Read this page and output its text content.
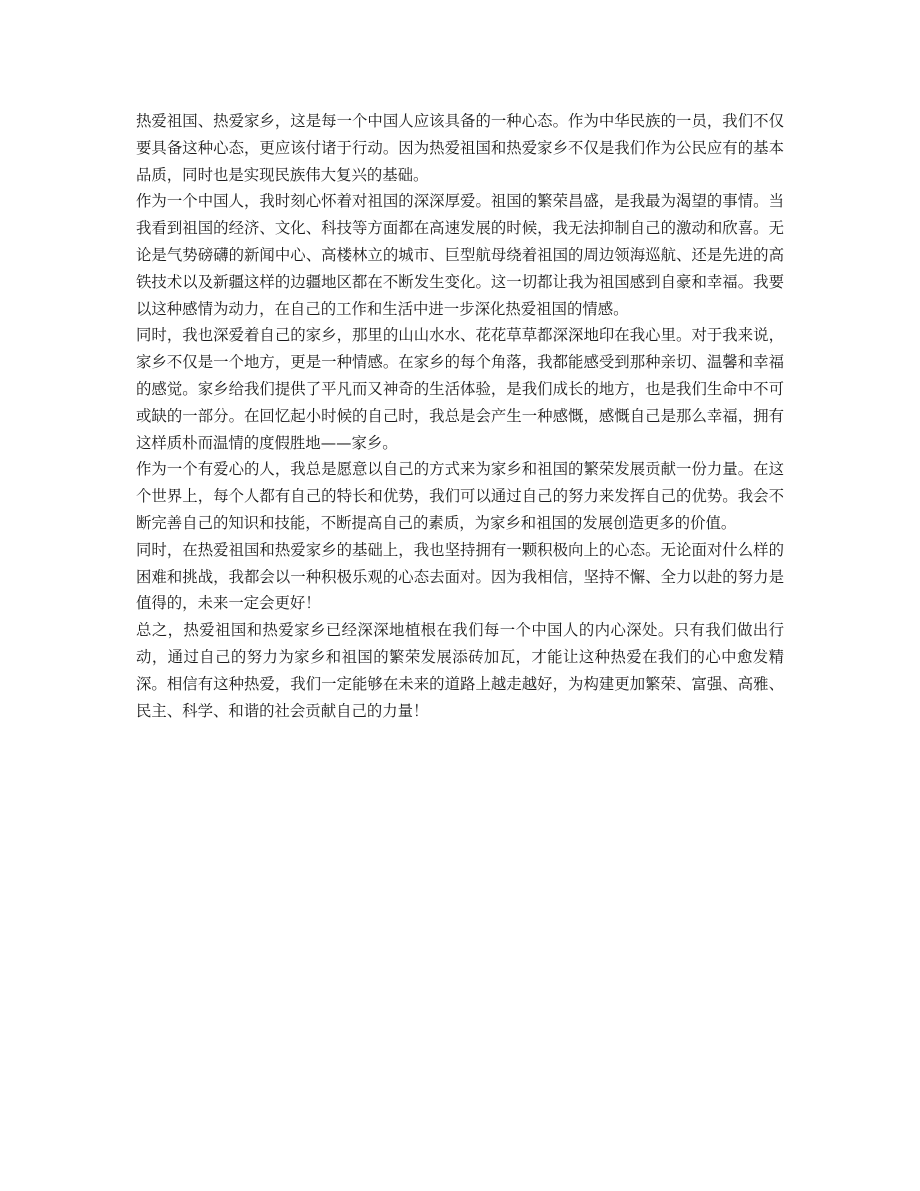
热爱祖国、热爱家乡，这是每一个中国人应该具备的一种心态。作为中华民族的一员，我们不仅要具备这种心态，更应该付诸于行动。因为热爱祖国和热爱家乡不仅是我们作为公民应有的基本品质，同时也是实现民族伟大复兴的基础。

作为一个中国人，我时刻心怀着对祖国的深深厚爱。祖国的繁荣昌盛，是我最为渴望的事情。当我看到祖国的经济、文化、科技等方面都在高速发展的时候，我无法抑制自己的激动和欣喜。无论是气势磅礴的新闻中心、高楼林立的城市、巨型航母绕着祖国的周边领海巡航、还是先进的高铁技术以及新疆这样的边疆地区都在不断发生变化。这一切都让我为祖国感到自豪和幸福。我要以这种感情为动力，在自己的工作和生活中进一步深化热爱祖国的情感。

同时，我也深爱着自己的家乡，那里的山山水水、花花草草都深深地印在我心里。对于我来说，家乡不仅是一个地方，更是一种情感。在家乡的每个角落，我都能感受到那种亲切、温馨和幸福的感觉。家乡给我们提供了平凡而又神奇的生活体验，是我们成长的地方，也是我们生命中不可或缺的一部分。在回忆起小时候的自己时，我总是会产生一种感慨，感慨自己是那么幸福，拥有这样质朴而温情的度假胜地——家乡。

作为一个有爱心的人，我总是愿意以自己的方式来为家乡和祖国的繁荣发展贡献一份力量。在这个世界上，每个人都有自己的特长和优势，我们可以通过自己的努力来发挥自己的优势。我会不断完善自己的知识和技能，不断提高自己的素质，为家乡和祖国的发展创造更多的价值。

同时，在热爱祖国和热爱家乡的基础上，我也坚持拥有一颗积极向上的心态。无论面对什么样的困难和挑战，我都会以一种积极乐观的心态去面对。因为我相信，坚持不懈、全力以赴的努力是值得的，未来一定会更好！

总之，热爱祖国和热爱家乡已经深深地植根在我们每一个中国人的内心深处。只有我们做出行动，通过自己的努力为家乡和祖国的繁荣发展添砖加瓦，才能让这种热爱在我们的心中愈发精深。相信有这种热爱，我们一定能够在未来的道路上越走越好，为构建更加繁荣、富强、高雅、民主、科学、和谐的社会贡献自己的力量！
